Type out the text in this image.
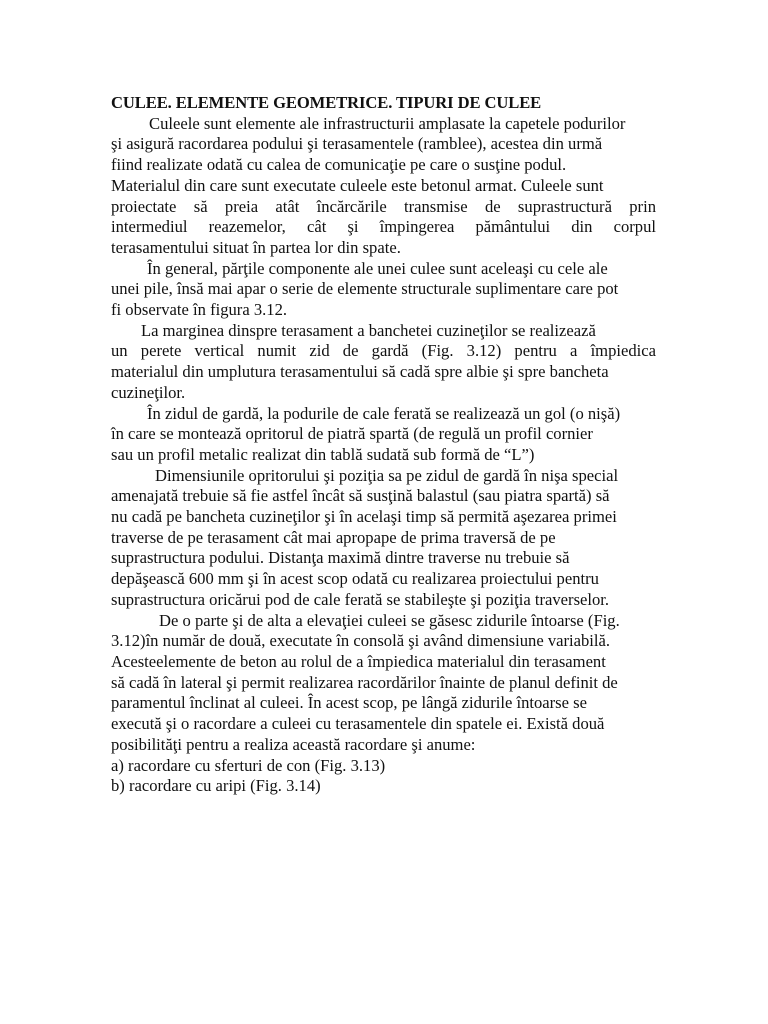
CULEE. ELEMENTE GEOMETRICE. TIPURI DE CULEE
Culeele sunt elemente ale infrastructurii amplasate la capetele podurilor
şi asigură racordarea podului şi terasamentele (ramblee), acestea din urmă
fiind realizate odată cu calea de comunicaţie pe care o susţine podul.
Materialul din care sunt executate culeele este betonul armat. Culeele sunt
proiectate să preia atât încărcările transmise de suprastructură prin
intermediul reazemelor, cât şi împingerea pământului din corpul
terasamentului situat în partea lor din spate.
În general, părţile componente ale unei culee sunt aceleaşi cu cele ale
unei pile, însă mai apar o serie de elemente structurale suplimentare care pot
fi observate în figura 3.12.
La marginea dinspre terasament a banchetei cuzineţilor se realizează
un perete vertical numit zid de gardă (Fig. 3.12) pentru a împiedica
materialul din umplutura terasamentului să cadă spre albie şi spre bancheta
cuzineţilor.
În zidul de gardă, la podurile de cale ferată se realizează un gol (o nişă)
în care se montează opritorul de piatră spartă (de regulă un profil cornier
sau un profil metalic realizat din tablă sudată sub formă de “L”)
Dimensiunile opritorului şi poziţia sa pe zidul de gardă în nişa special
amenajată trebuie să fie astfel încât să susţină balastul (sau piatra spartă) să
nu cadă pe bancheta cuzineţilor şi în acelaşi timp să permită aşezarea primei
traverse de pe terasament cât mai apropape de prima traversă de pe
suprastructura podului. Distanţa maximă dintre traverse nu trebuie să
depăşească 600 mm şi în acest scop odată cu realizarea proiectului pentru
suprastructura oricărui pod de cale ferată se stabileşte şi poziţia traverselor.
De o parte şi de alta a elevaţiei culeei se găsesc zidurile întoarse (Fig.
3.12)în număr de două, executate în consolă şi având dimensiune variabilă.
Acesteelemente de beton au rolul de a împiedica materialul din terasament
să cadă în lateral şi permit realizarea racordărilor înainte de planul definit de
paramentul înclinat al culeei. În acest scop, pe lângă zidurile întoarse se
execută şi o racordare a culeei cu terasamentele din spatele ei. Există două
posibilităţi pentru a realiza această racordare şi anume:
a) racordare cu sferturi de con (Fig. 3.13)
b) racordare cu aripi (Fig. 3.14)
